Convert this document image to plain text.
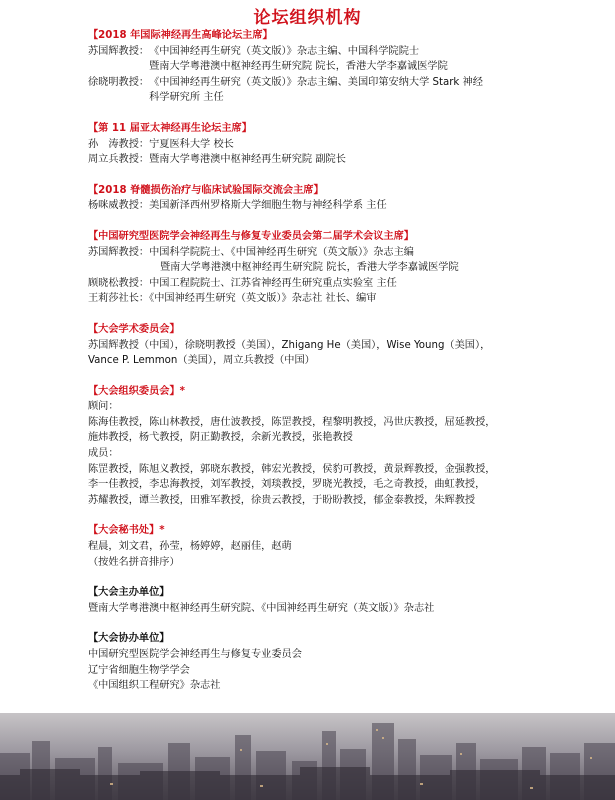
论坛组织机构
【2018 年国际神经再生高峰论坛主席】
苏国辉教授： 《中国神经再生研究（英文版）》杂志主编、中国科学院院士
暨南大学粤港澳中枢神经再生研究院 院长，香港大学李嘉诚医学院
徐晓明教授： 《中国神经再生研究（英文版）》杂志主编、美国印第安纳大学 Stark 神经
科学研究所 主任
【第 11 届亚太神经再生论坛主席】
孙　涛教授：宁夏医科大学 校长
周立兵教授：暨南大学粤港澳中枢神经再生研究院 副院长
【2018 脊髓损伤治疗与临床试验国际交流会主席】
杨咪威教授：美国新泽西州罗格斯大学细胞生物与神经科学系 主任
【中国研究型医院学会神经再生与修复专业委员会第二届学术会议主席】
苏国辉教授：中国科学院院士、《中国神经再生研究（英文版）》杂志主编
暨南大学粤港澳中枢神经再生研究院 院长，香港大学李嘉诚医学院
顾晓松教授：中国工程院院士、江苏省神经再生研究重点实验室 主任
王莉莎社长：《中国神经再生研究（英文版）》杂志社 社长、编审
【大会学术委员会】
苏国辉教授（中国），徐晓明教授（美国），Zhigang He（美国），Wise Young（美国），
Vance P. Lemmon（美国），周立兵教授（中国）
【大会组织委员会】*
顾问：
陈海佳教授，陈山林教授，唐仕波教授，陈罡教授，程黎明教授，冯世庆教授，屈延教授，
施炜教授，杨弋教授，阴正勤教授，余新光教授，张艳教授
成员：
陈罡教授，陈旭义教授，郭晓东教授，韩宏光教授，侯豹可教授，黄景辉教授，金强教授，
李一佳教授，李忠海教授，刘军教授，刘琰教授，罗晓光教授，毛之奇教授，曲虹教授，
苏耀教授，谭兰教授，田雅军教授，徐贵云教授，于盼盼教授，郁金泰教授，朱辉教授
【大会秘书处】*
程晨，刘文君，孙莹，杨婷婷，赵丽佳，赵萌
（按姓名拼音排序）
【大会主办单位】
暨南大学粤港澳中枢神经再生研究院、《中国神经再生研究（英文版）》杂志社
【大会协办单位】
中国研究型医院学会神经再生与修复专业委员会
辽宁省细胞生物学学会
《中国组织工程研究》杂志社
